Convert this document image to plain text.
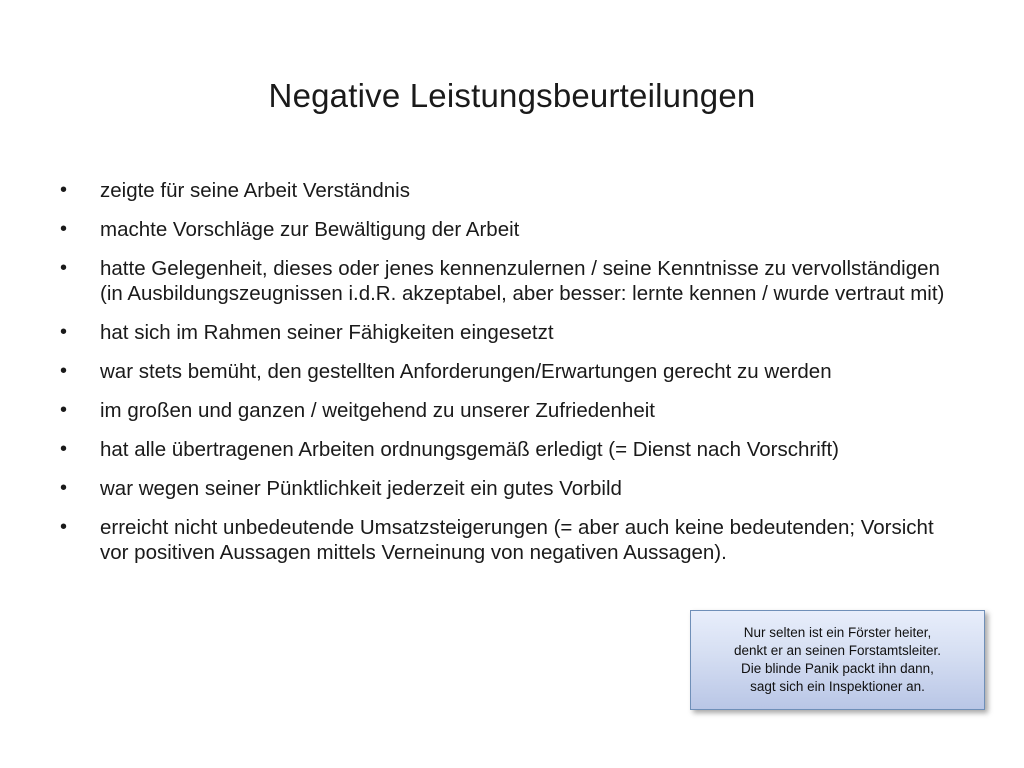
Negative Leistungsbeurteilungen
• zeigte für seine Arbeit Verständnis
• machte Vorschläge zur Bewältigung der Arbeit
• hatte Gelegenheit, dieses oder jenes kennenzulernen / seine Kenntnisse zu vervollständigen (in Ausbildungszeugnissen i.d.R. akzeptabel, aber besser: lernte kennen / wurde vertraut mit)
• hat sich im Rahmen seiner Fähigkeiten eingesetzt
• war stets bemüht, den gestellten Anforderungen/Erwartungen gerecht zu werden
• im großen und ganzen / weitgehend zu unserer Zufriedenheit
• hat alle übertragenen Arbeiten ordnungsgemäß erledigt (= Dienst nach Vorschrift)
• war wegen seiner Pünktlichkeit jederzeit ein gutes Vorbild
• erreicht nicht unbedeutende Umsatzsteigerungen (= aber auch keine bedeutenden; Vorsicht vor positiven Aussagen mittels Verneinung von negativen Aussagen).
Nur selten ist ein Förster heiter,
denkt er an seinen Forstamtsleiter.
Die blinde Panik packt ihn dann,
sagt sich ein Inspektioner an.
